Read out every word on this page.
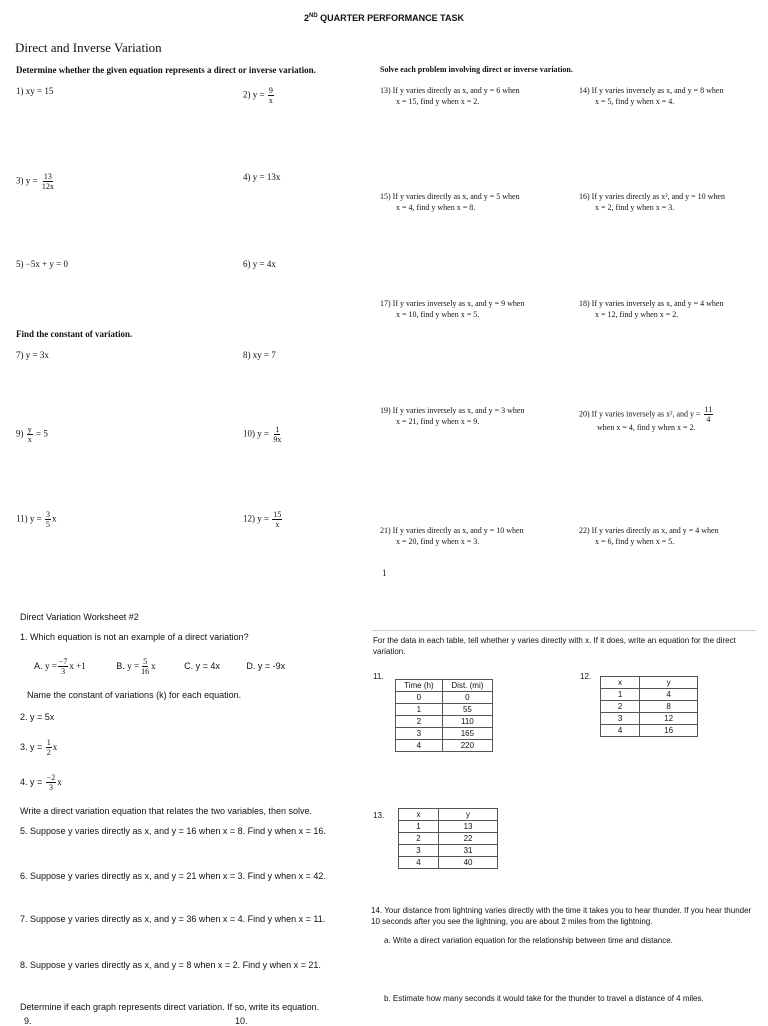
2ND QUARTER PERFORMANCE TASK
Direct and Inverse Variation
Determine whether the given equation represents a direct or inverse variation.
1) xy = 15	2) $y = \frac{9}{x}$
3) $y = \frac{13}{12x}$	4) y = 13x
5) −5x + y = 0	6) y = 4x
Find the constant of variation.
7) y = 3x	8) xy = 7
$9) \frac{y}{x} = 5$	10) $y = \frac{1}{9x}$
11) $y = \frac{3}{5}$ x	12) $y = \frac{15}{x}$
Solve each problem involving direct or inverse variation.
13) If y varies directly as x, and y = 6 when
x = 15, find y when x = 2.
14) If y varies inversely as x, and y = 8 when
x = 5, find y when x = 4.
15) If y varies directly as x, and y = 5 when
x = 4, find y when x = 8.
16) If y varies directly as x², and y = 10 when
x = 2, find y when x = 3.
17) If y varies inversely as x, and y = 9 when
x = 10, find y when x = 5.
18) If y varies inversely as x, and y = 4 when
x = 12, find y when x = 2.
19) If y varies inversely as x, and y = 3 when
x = 21, find y when x = 9.
20) If y varies inversely as x², and $y = \frac{11}{4}$
when x = 4, find y when x = 2.
21) If y varies directly as x, and y = 10 when
x = 20, find y when x = 3.
22) If y varies directly as x, and y = 4 when
x = 6, find y when x = 5.
1
Direct Variation Worksheet #2
1. Which equation is not an example of a direct variation?
A. $y = \frac{-7}{3}$ x +1	B. $y = \frac{5}{16}$ x	C. y = 4x	D. y = -9x
Name the constant of variations (k) for each equation.
2. y = 5x
3. $y = \frac{1}{2}$ x
4. $y = \frac{-2}{3}$ x
Write a direct variation equation that relates the two variables, then solve.
5. Suppose y varies directly as x, and y = 16 when x = 8. Find y when x = 16.
6. Suppose y varies directly as x, and y = 21 when x = 3. Find y when x = 42.
7. Suppose y varies directly as x, and y = 36 when x = 4. Find y when x = 11.
8. Suppose y varies directly as x, and y = 8 when x = 2. Find y when x = 21.
Determine if each graph represents direct variation. If so, write its equation.
9.	10.
For the data in each table, tell whether y varies directly with x. If it does, write an equation for the direct variation.
11.
Time (h)	Dist. (mi)
0	0
1	55
2	110
3	165
4	220
12.
x	y
1	4
2	8
3	12
4	16
13.	x	y
1	13
2	22
3	31
4	40
14. Your distance from lightning varies directly with the time it takes you to hear thunder. If you hear thunder 10 seconds after you see the lightning, you are about 2 miles from the lightning.
a. Write a direct variation equation for the relationship between time and distance.
b. Estimate how many seconds it would take for the thunder to travel a distance of 4 miles.
